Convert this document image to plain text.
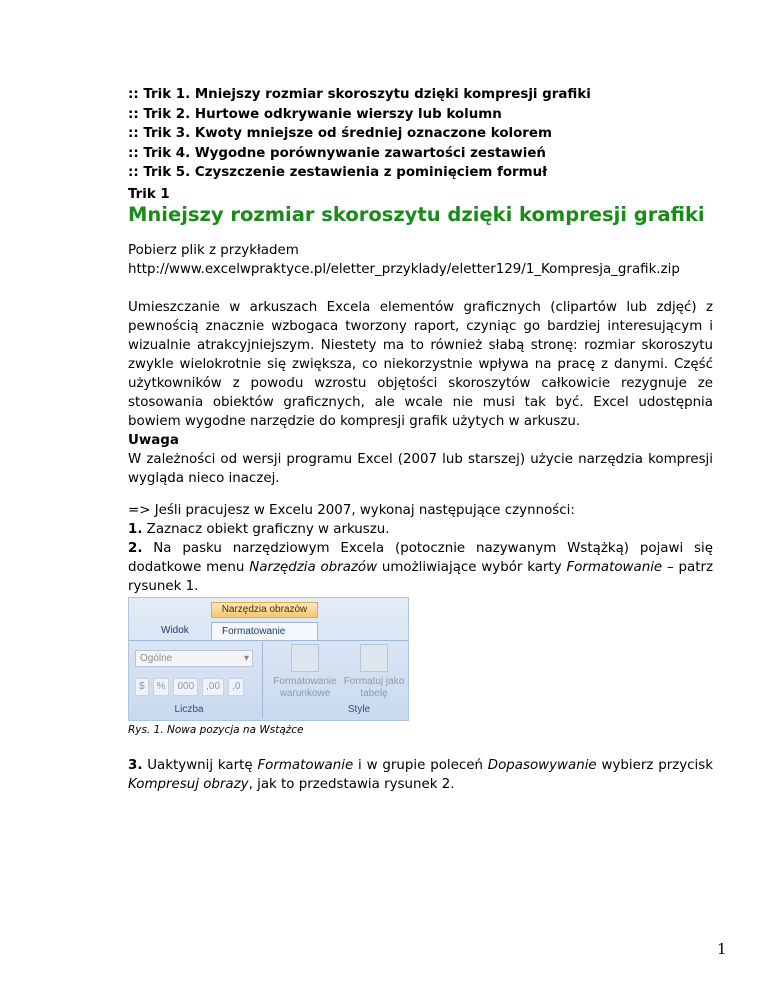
:: Trik 1. Mniejszy rozmiar skoroszytu dzięki kompresji grafiki
:: Trik 2. Hurtowe odkrywanie wierszy lub kolumn
:: Trik 3. Kwoty mniejsze od średniej oznaczone kolorem
:: Trik 4. Wygodne porównywanie zawartości zestawień
:: Trik 5. Czyszczenie zestawienia z pominięciem formuł
Trik 1
Mniejszy rozmiar skoroszytu dzięki kompresji grafiki
Pobierz plik z przykładem
http://www.excelwpraktyce.pl/eletter_przyklady/eletter129/1_Kompresja_grafik.zip
Umieszczanie w arkuszach Excela elementów graficznych (clipartów lub zdjęć) z pewnością znacznie wzbogaca tworzony raport, czyniąc go bardziej interesującym i wizualnie atrakcyjniejszym. Niestety ma to również słabą stronę: rozmiar skoroszytu zwykle wielokrotnie się zwiększa, co niekorzystnie wpływa na pracę z danymi. Część użytkowników z powodu wzrostu objętości skoroszytów całkowicie rezygnuje ze stosowania obiektów graficznych, ale wcale nie musi tak być. Excel udostępnia bowiem wygodne narzędzie do kompresji grafik użytych w arkuszu.
Uwaga
W zależności od wersji programu Excel (2007 lub starszej) użycie narzędzia kompresji wygląda nieco inaczej.
=> Jeśli pracujesz w Excelu 2007, wykonaj następujące czynności:
1. Zaznacz obiekt graficzny w arkuszu.
2. Na pasku narzędziowym Excela (potocznie nazywanym Wstążką) pojawi się dodatkowe menu Narzędzia obrazów umożliwiające wybór karty Formatowanie – patrz rysunek 1.
Narzędzia obrazów
Widok	Formatowanie
Ogólne	▾
$ % 000 ,00 ,0
Liczba
Formatowanie warunkowe
Formatuj jako tabelę
Style
Rys. 1. Nowa pozycja na Wstążce
3. Uaktywnij kartę Formatowanie i w grupie poleceń Dopasowywanie wybierz przycisk Kompresuj obrazy, jak to przedstawia rysunek 2.
1
